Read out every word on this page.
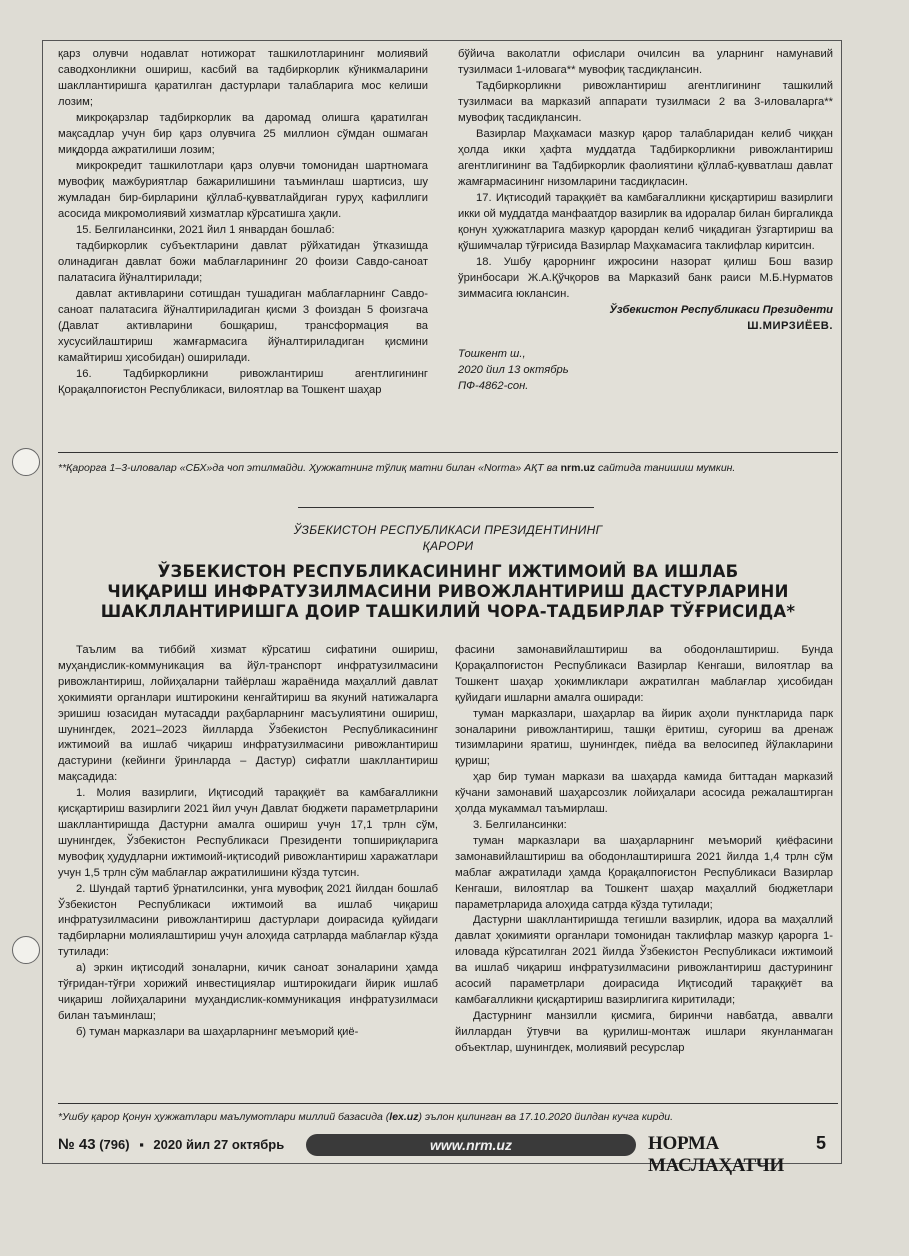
қарз олувчи нодавлат нотижорат ташкилотларининг молиявий саводхонликни ошириш, касбий ва тадбиркорлик кўникмаларини шакллантиришга қаратилган дастурлари талабларига мос келиши лозим;

микроқарзлар тадбиркорлик ва даромад олишга қаратилган мақсадлар учун бир қарз олувчига 25 миллион сўмдан ошмаган миқдорда ажратилиши лозим;

микрокредит ташкилотлари қарз олувчи томонидан шартномага мувофиқ мажбуриятлар бажарилишини таъминлаш шартисиз, шу жумладан бир-бирларини қўллаб-қувватлайдиган гуруҳ кафиллиги асосида микромолиявий хизматлар кўрсатишга ҳақли.

15. Белгилансинки, 2021 йил 1 январдан бошлаб:

тадбиркорлик субъектларини давлат рўйхатидан ўтказишда олинадиган давлат божи маблағларининг 20 фоизи Савдо-саноат палатасига йўналтирилади;

давлат активларини сотишдан тушадиган маблағларнинг Савдо-саноат палатасига йўналтириладиган қисми 3 фоиздан 5 фоизгача (Давлат активларини бошқариш, трансформация ва хусусийлаштириш жамғармасига йўналтириладиган қисмини камайтириш ҳисобидан) оширилади.

16. Тадбиркорликни ривожлантириш агентлигининг Қорақалпоғистон Республикаси, вилоятлар ва Тошкент шаҳар

бўйича ваколатли офислари очилсин ва уларнинг намунавий тузилмаси 1-иловага** мувофиқ тасдиқлансин.

Тадбиркорликни ривожлантириш агентлигининг ташкилий тузилмаси ва марказий аппарати тузилмаси 2 ва 3-иловаларга** мувофиқ тасдиқлансин.

Вазирлар Маҳкамаси мазкур қарор талабларидан келиб чиққан ҳолда икки ҳафта муддатда Тадбиркорликни ривожлантириш агентлигининг ва Тадбиркорлик фаолиятини қўллаб-қувватлаш давлат жамғармасининг низомларини тасдиқласин.

17. Иқтисодий тараққиёт ва камбағалликни қисқартириш вазирлиги икки ой муддатда манфаатдор вазирлик ва идоралар билан биргаликда қонун ҳужжатларига мазкур қарордан келиб чиқадиган ўзгартириш ва қўшимчалар тўғрисида Вазирлар Маҳкамасига таклифлар киритсин.

18. Ушбу қарорнинг ижросини назорат қилиш Бош вазир ўринбосари Ж.А.Қўчқоров ва Марказий банк раиси М.Б.Нурматов зиммасига юклансин.

Ўзбекистон Республикаси Президенти
Ш.МИРЗИЁЕВ.
Тошкент ш.,
2020 йил 13 октябрь
ПФ-4862-сон.
**Қарорга 1–3-иловалар «СБХ»да чоп этилмайди. Ҳужжатнинг тўлиқ матни билан «Norma» АҚТ ва nrm.uz сайтида танишиш мумкин.
ЎЗБЕКИСТОН РЕСПУБЛИКАСИ ПРЕЗИДЕНТИНИНГ
ҚАРОРИ
ЎЗБЕКИСТОН РЕСПУБЛИКАСИНИНГ ИЖТИМОИЙ ВА ИШЛАБ
ЧИҚАРИШ ИНФРАТУЗИЛМАСИНИ РИВОЖЛАНТИРИШ ДАСТУРЛАРИНИ
ШАКЛЛАНТИРИШГА ДОИР ТАШКИЛИЙ ЧОРА-ТАДБИРЛАР ТЎҒРИСИДА*

Таълим ва тиббий хизмат кўрсатиш сифатини ошириш, муҳандислик-коммуникация ва йўл-транспорт инфратузилмасини ривожлантириш, лойиҳаларни тайёрлаш жараёнида маҳаллий давлат ҳокимияти органлари иштирокини кенгайтириш ва якуний натижаларга эришиш юзасидан мутасадди раҳбарларнинг масъулиятини ошириш, шунингдек, 2021–2023 йилларда Ўзбекистон Республикасининг ижтимоий ва ишлаб чиқариш инфратузилмасини ривожлантириш дастурини (кейинги ўринларда – Дастур) сифатли шакллантириш мақсадида:

1. Молия вазирлиги, Иқтисодий тараққиёт ва камбағалликни қисқартириш вазирлиги 2021 йил учун Давлат бюджети параметрларини шакллантиришда Дастурни амалга ошириш учун 17,1 трлн сўм, шунингдек, Ўзбекистон Республикаси Президенти топшириқларига мувофиқ ҳудудларни ижтимоий-иқтисодий ривожлантириш харажатлари учун 1,5 трлн сўм маблағлар ажратилишини кўзда тутсин.

2. Шундай тартиб ўрнатилсинки, унга мувофиқ 2021 йилдан бошлаб Ўзбекистон Республикаси ижтимоий ва ишлаб чиқариш инфратузилмасини ривожлантириш дастурлари доирасида қуйидаги тадбирларни молиялаштириш учун алоҳида сатрларда маблағлар кўзда тутилади:

а) эркин иқтисодий зоналарни, кичик саноат зоналарини ҳамда тўғридан-тўғри хорижий инвестициялар иштирокидаги йирик ишлаб чиқариш лойиҳаларини муҳандислик-коммуникация инфратузилмаси билан таъминлаш;

б) туман марказлари ва шаҳарларнинг меъморий қиё-

фасини замонавийлаштириш ва ободонлаштириш. Бунда Қорақалпоғистон Республикаси Вазирлар Кенгаши, вилоятлар ва Тошкент шаҳар ҳокимликлари ажратилган маблағлар ҳисобидан қуйидаги ишларни амалга оширади:

туман марказлари, шаҳарлар ва йирик аҳоли пунктларида парк зоналарини ривожлантириш, ташқи ёритиш, суғориш ва дренаж тизимларини яратиш, шунингдек, пиёда ва велосипед йўлакларини қуриш;

ҳар бир туман маркази ва шаҳарда камида биттадан марказий кўчани замонавий шаҳарсозлик лойиҳалари асосида режалаштирган ҳолда мукаммал таъмирлаш.

3. Белгилансинки:

туман марказлари ва шаҳарларнинг меъморий қиёфасини замонавийлаштириш ва ободонлаштиришга 2021 йилда 1,4 трлн сўм маблағ ажратилади ҳамда Қорақалпоғистон Республикаси Вазирлар Кенгаши, вилоятлар ва Тошкент шаҳар маҳаллий бюджетлари параметрларида алоҳида сатрда кўзда тутилади;

Дастурни шакллантиришда тегишли вазирлик, идора ва маҳаллий давлат ҳокимияти органлари томонидан таклифлар мазкур қарорга 1-иловада кўрсатилган 2021 йилда Ўзбекистон Республикаси ижтимоий ва ишлаб чиқариш инфратузилмасини ривожлантириш дастурининг асосий параметрлари доирасида Иқтисодий тараққиёт ва камбағалликни қисқартириш вазирлигига киритилади;

Дастурнинг манзилли қисмига, биринчи навбатда, аввалги йиллардан ўтувчи ва қурилиш-монтаж ишлари якунланмаган объектлар, шунингдек, молиявий ресурслар

*Ушбу қарор Қонун ҳужжатлари маълумотлари миллий базасида (lex.uz) эълон қилинган ва 17.10.2020 йилдан кучга кирди.
№ 43 (796) ▪ 2020 йил 27 октябрь	www.nrm.uz	НОРМА МАСЛАҲАТЧИ
5
